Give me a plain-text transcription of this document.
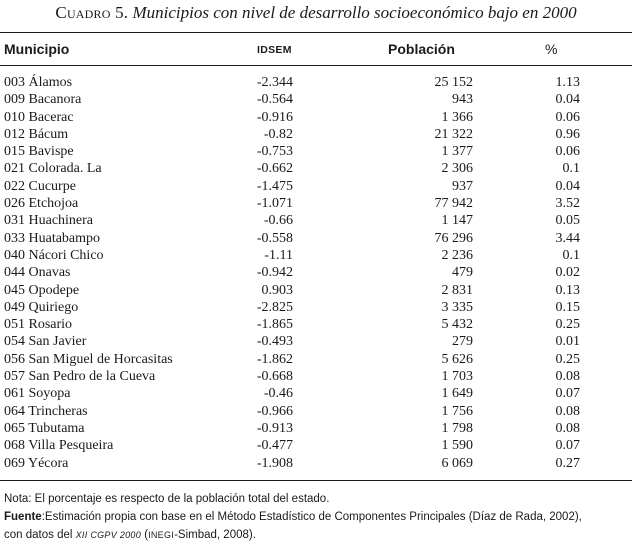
Cuadro 5. Municipios con nivel de desarrollo socioeconómico bajo en 2000
Municipio	IDSEM	Población	%
003 Álamos	-2.344	25 152	1.13
009 Bacanora	-0.564	943	0.04
010 Bacerac	-0.916	1 366	0.06
012 Bácum	-0.82	21 322	0.96
015 Bavispe	-0.753	1 377	0.06
021 Colorada. La	-0.662	2 306	0.1
022 Cucurpe	-1.475	937	0.04
026 Etchojoa	-1.071	77 942	3.52
031 Huachinera	-0.66	1 147	0.05
033 Huatabampo	-0.558	76 296	3.44
040 Nácori Chico	-1.11	2 236	0.1
044 Onavas	-0.942	479	0.02
045 Opodepe	0.903	2 831	0.13
049 Quiriego	-2.825	3 335	0.15
051 Rosario	-1.865	5 432	0.25
054 San Javier	-0.493	279	0.01
056 San Miguel de Horcasitas	-1.862	5 626	0.25
057 San Pedro de la Cueva	-0.668	1 703	0.08
061 Soyopa	-0.46	1 649	0.07
064 Trincheras	-0.966	1 756	0.08
065 Tubutama	-0.913	1 798	0.08
068 Villa Pesqueira	-0.477	1 590	0.07
069 Yécora	-1.908	6 069	0.27
Nota: El porcentaje es respecto de la población total del estado.
Fuente:Estimación propia con base en el Método Estadístico de Componentes Principales (Díaz de Rada, 2002),
con datos del XII CGPV 2000 (INEGI-Simbad, 2008).
